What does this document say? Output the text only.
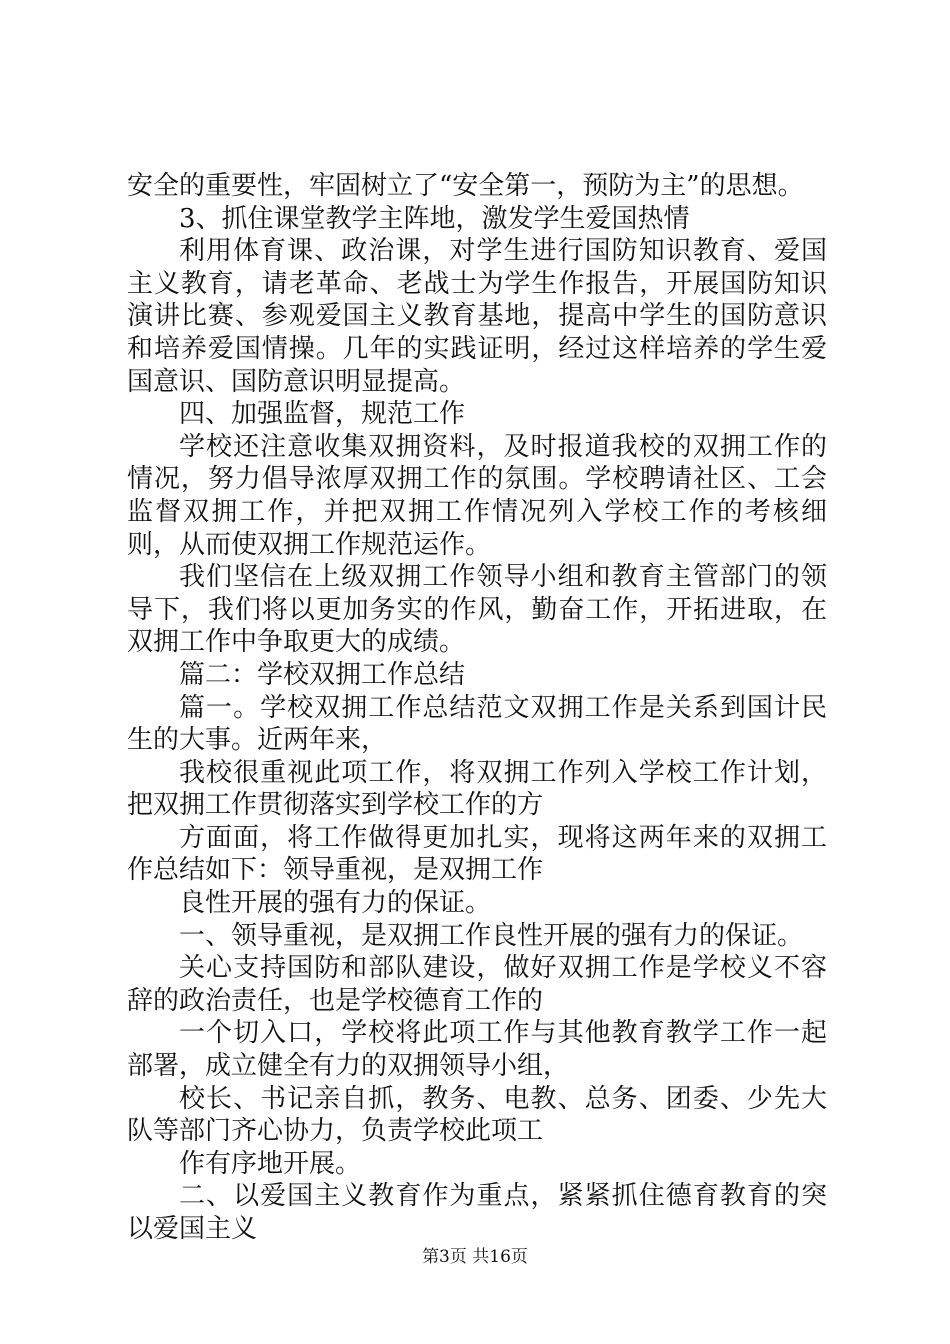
安全的重要性，牢固树立了“安全第一，预防为主”的思想。

3、抓住课堂教学主阵地，激发学生爱国热情

利用体育课、政治课，对学生进行国防知识教育、爱国主义教育，请老革命、老战士为学生作报告，开展国防知识演讲比赛、参观爱国主义教育基地，提高中学生的国防意识和培养爱国情操。几年的实践证明，经过这样培养的学生爱国意识、国防意识明显提高。

四、加强监督，规范工作

学校还注意收集双拥资料，及时报道我校的双拥工作的情况，努力倡导浓厚双拥工作的氛围。学校聘请社区、工会监督双拥工作，并把双拥工作情况列入学校工作的考核细则，从而使双拥工作规范运作。

我们坚信在上级双拥工作领导小组和教育主管部门的领导下，我们将以更加务实的作风，勤奋工作，开拓进取，在双拥工作中争取更大的成绩。

篇二：学校双拥工作总结

篇一。学校双拥工作总结范文双拥工作是关系到国计民生的大事。近两年来，

我校很重视此项工作，将双拥工作列入学校工作计划，把双拥工作贯彻落实到学校工作的方

方面面，将工作做得更加扎实，现将这两年来的双拥工作总结如下：领导重视，是双拥工作

良性开展的强有力的保证。

一、领导重视，是双拥工作良性开展的强有力的保证。

关心支持国防和部队建设，做好双拥工作是学校义不容辞的政治责任，也是学校德育工作的

一个切入口，学校将此项工作与其他教育教学工作一起部署，成立健全有力的双拥领导小组，

校长、书记亲自抓，教务、电教、总务、团委、少先大队等部门齐心协力，负责学校此项工

作有序地开展。

二、以爱国主义教育作为重点，紧紧抓住德育教育的突以爱国主义

第3页 共16页
